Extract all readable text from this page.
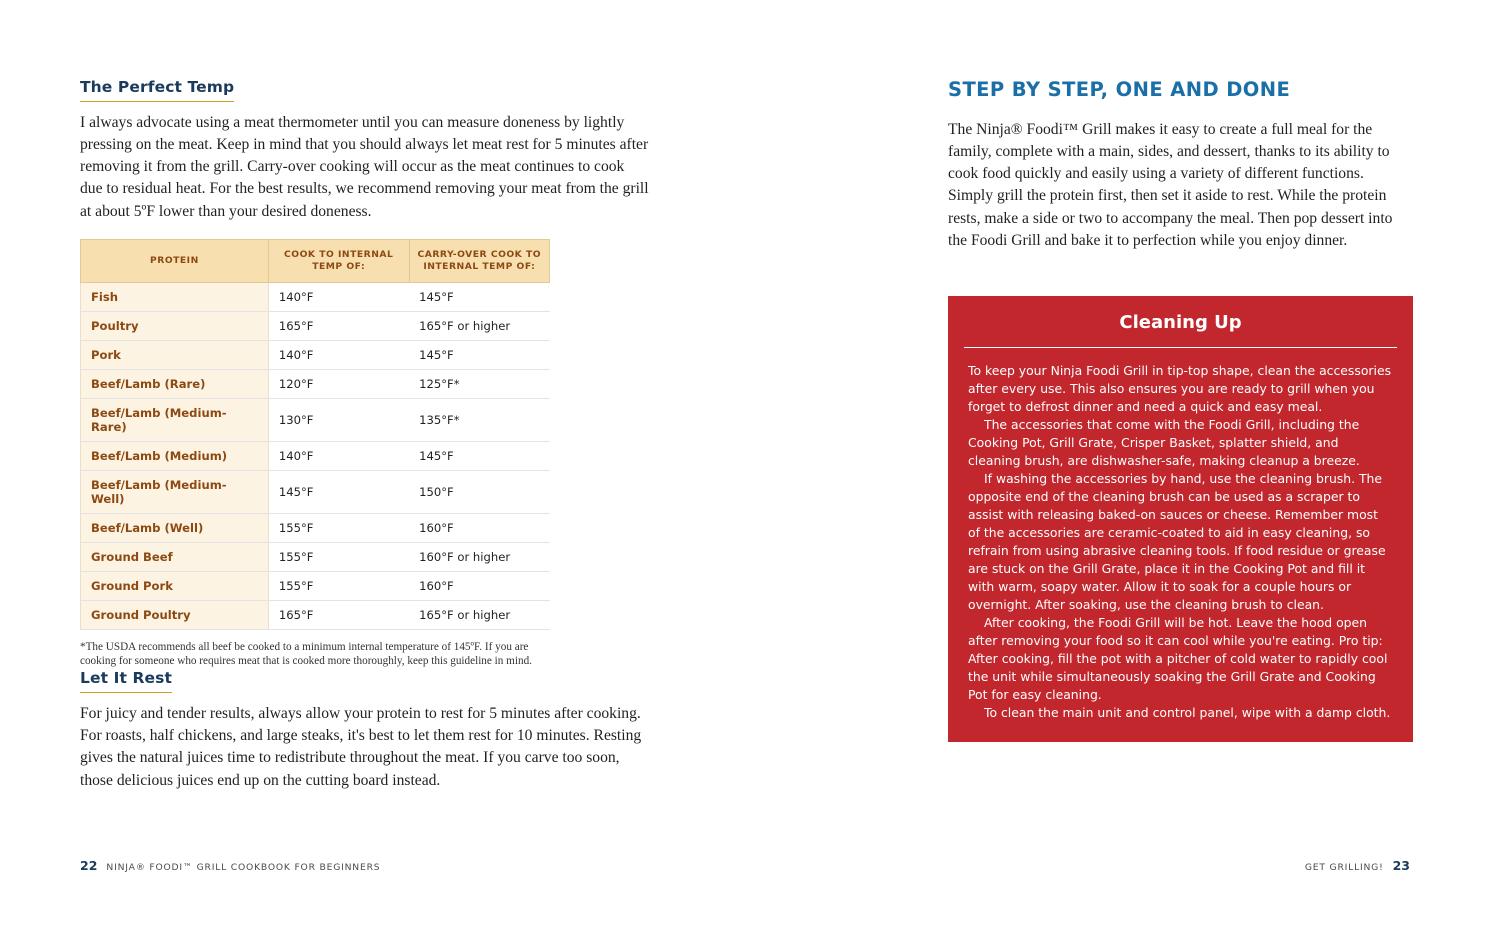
The Perfect Temp

I always advocate using a meat thermometer until you can measure doneness by lightly pressing on the meat. Keep in mind that you should always let meat rest for 5 minutes after removing it from the grill. Carry-over cooking will occur as the meat continues to cook due to residual heat. For the best results, we recommend removing your meat from the grill at about 5ºF lower than your desired doneness.

PROTEIN	COOK TO INTERNAL TEMP OF:	CARRY-OVER COOK TO INTERNAL TEMP OF:
Fish	140°F	145°F
Poultry	165°F	165°F or higher
Pork	140°F	145°F
Beef/Lamb (Rare)	120°F	125°F*
Beef/Lamb (Medium-Rare)	130°F	135°F*
Beef/Lamb (Medium)	140°F	145°F
Beef/Lamb (Medium-Well)	145°F	150°F
Beef/Lamb (Well)	155°F	160°F
Ground Beef	155°F	160°F or higher
Ground Pork	155°F	160°F
Ground Poultry	165°F	165°F or higher

*The USDA recommends all beef be cooked to a minimum internal temperature of 145ºF. If you are cooking for someone who requires meat that is cooked more thoroughly, keep this guideline in mind.

Let It Rest

For juicy and tender results, always allow your protein to rest for 5 minutes after cooking. For roasts, half chickens, and large steaks, it's best to let them rest for 10 minutes. Resting gives the natural juices time to redistribute throughout the meat. If you carve too soon, those delicious juices end up on the cutting board instead.

22 NINJA® FOODI™ GRILL COOKBOOK FOR BEGINNERS
STEP BY STEP, ONE AND DONE

The Ninja® Foodi™ Grill makes it easy to create a full meal for the family, complete with a main, sides, and dessert, thanks to its ability to cook food quickly and easily using a variety of different functions. Simply grill the protein first, then set it aside to rest. While the protein rests, make a side or two to accompany the meal. Then pop dessert into the Foodi Grill and bake it to perfection while you enjoy dinner.

Cleaning Up

To keep your Ninja Foodi Grill in tip-top shape, clean the accessories after every use. This also ensures you are ready to grill when you forget to defrost dinner and need a quick and easy meal.

The accessories that come with the Foodi Grill, including the Cooking Pot, Grill Grate, Crisper Basket, splatter shield, and cleaning brush, are dishwasher-safe, making cleanup a breeze.

If washing the accessories by hand, use the cleaning brush. The opposite end of the cleaning brush can be used as a scraper to assist with releasing baked-on sauces or cheese. Remember most of the accessories are ceramic-coated to aid in easy cleaning, so refrain from using abrasive cleaning tools. If food residue or grease are stuck on the Grill Grate, place it in the Cooking Pot and fill it with warm, soapy water. Allow it to soak for a couple hours or overnight. After soaking, use the cleaning brush to clean.

After cooking, the Foodi Grill will be hot. Leave the hood open after removing your food so it can cool while you're eating. Pro tip: After cooking, fill the pot with a pitcher of cold water to rapidly cool the unit while simultaneously soaking the Grill Grate and Cooking Pot for easy cleaning.

To clean the main unit and control panel, wipe with a damp cloth.

GET GRILLING! 23
